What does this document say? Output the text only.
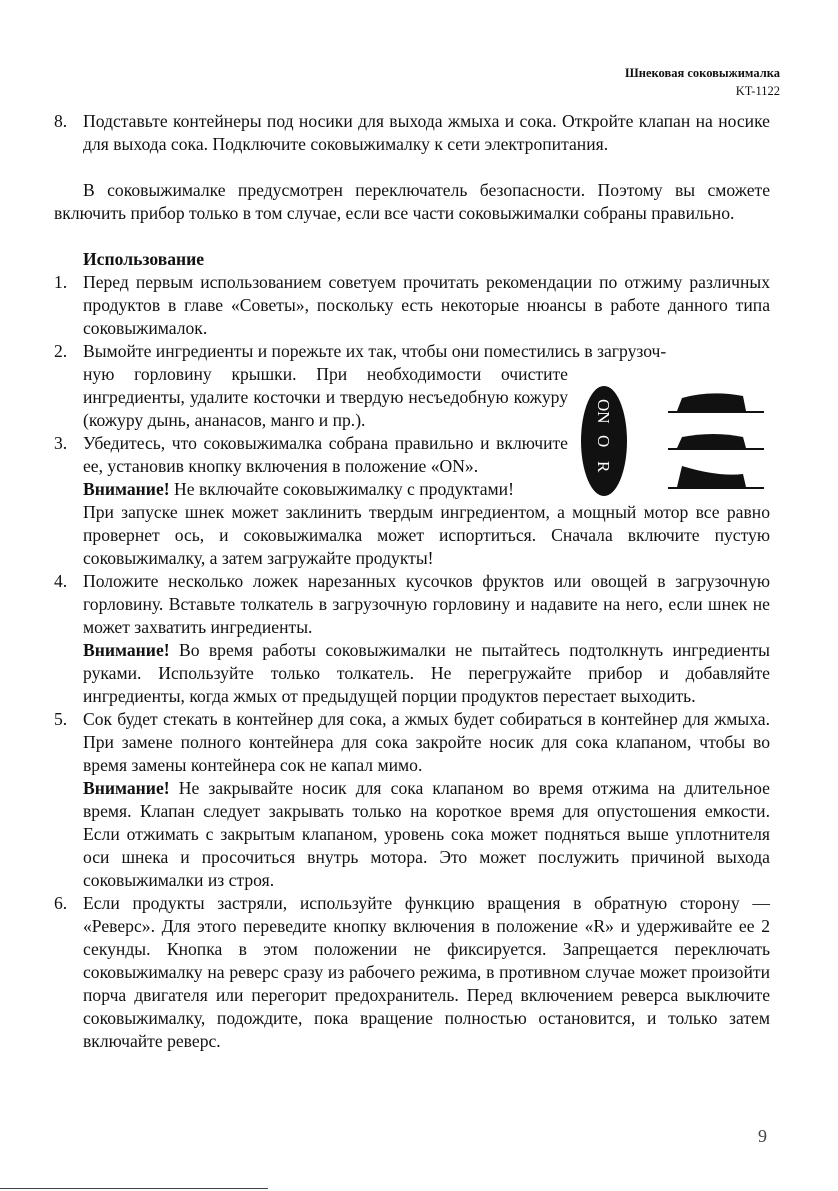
Шнековая соковыжималка
KT-1122
8. Подставьте контейнеры под носики для выхода жмыха и сока. Откройте клапан на носике для выхода сока. Подключите соковыжималку к сети электропитания.

В соковыжималке предусмотрен переключатель безопасности. Поэтому вы сможете включить прибор только в том случае, если все части соковыжималки собраны правильно.

Использование

1. Перед первым использованием советуем прочитать рекомендации по отжиму различных продуктов в главе «Советы», поскольку есть некоторые нюансы в работе данного типа соковыжималок.

2. Вымойте ингредиенты и порежьте их так, чтобы они поместились в загрузоч-

ную горловину крышки. При необходимости очистите ингредиенты, удалите косточки и твердую несъедобную кожуру (кожуру дынь, ананасов, манго и пр.).

3. Убедитесь, что соковыжималка собрана правильно и включите ее, установив кнопку включения в положение «ON».

Внимание! Не включайте соковыжималку с продуктами!

При запуске шнек может заклинить твердым ингредиентом, а мощный мотор все равно провернет ось, и соковыжималка может испортиться. Сначала включите пустую соковыжималку, а затем загружайте продукты!

4. Положите несколько ложек нарезанных кусочков фруктов или овощей в загрузочную горловину. Вставьте толкатель в загрузочную горловину и надавите на него, если шнек не может захватить ингредиенты.

Внимание! Во время работы соковыжималки не пытайтесь подтолкнуть ингредиенты руками. Используйте только толкатель. Не перегружайте прибор и добавляйте ингредиенты, когда жмых от предыдущей порции продуктов перестает выходить.

5. Сок будет стекать в контейнер для сока, а жмых будет собираться в контейнер для жмыха. При замене полного контейнера для сока закройте носик для сока клапаном, чтобы во время замены контейнера сок не капал мимо.

Внимание! Не закрывайте носик для сока клапаном во время отжима на длительное время. Клапан следует закрывать только на короткое время для опустошения емкости. Если отжимать с закрытым клапаном, уровень сока может подняться выше уплотнителя оси шнека и просочиться внутрь мотора. Это может послужить причиной выхода соковыжималки из строя.

6. Если продукты застряли, используйте функцию вращения в обратную сторону — «Реверс». Для этого переведите кнопку включения в положение «R» и удерживайте ее 2 секунды. Кнопка в этом положении не фиксируется. Запрещается переключать соковыжималку на реверс сразу из рабочего режима, в противном случае может произойти порча двигателя или перегорит предохранитель. Перед включением реверса выключите соковыжималку, подождите, пока вращение полностью остановится, и только затем включайте реверс.

ON
O
R
9
